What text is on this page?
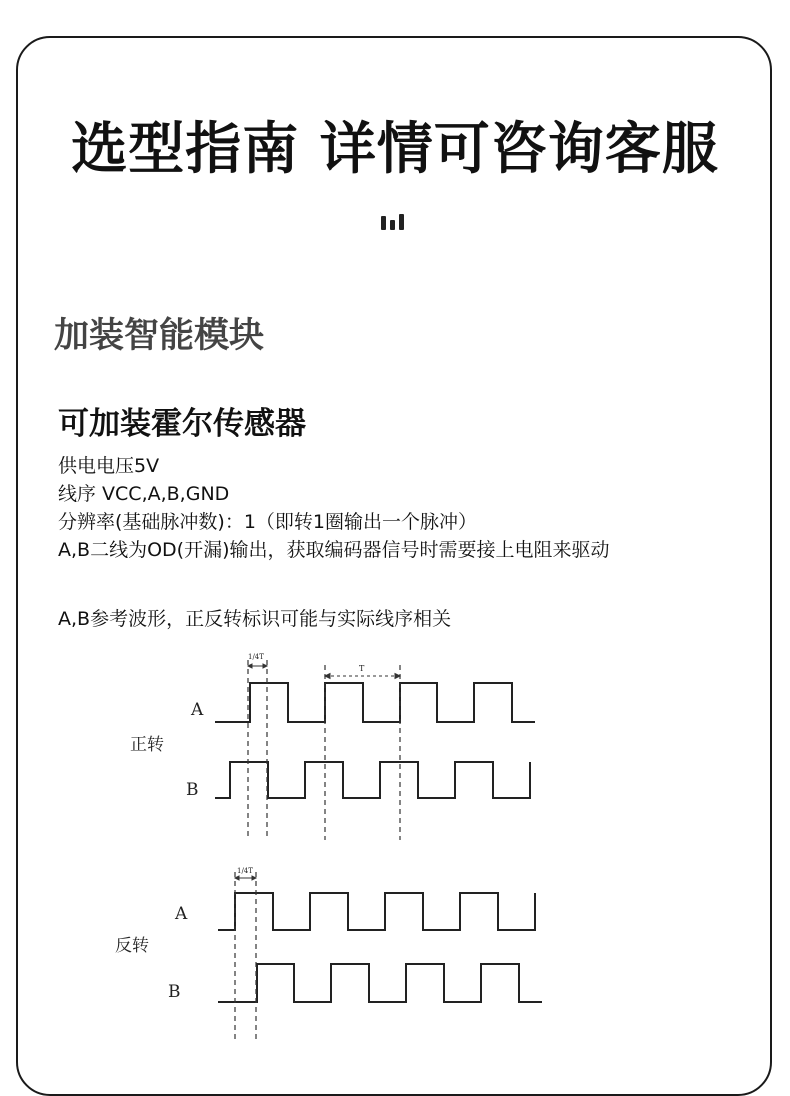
选型指南 详情可咨询客服
加装智能模块
可加装霍尔传感器
供电电压5V
线序 VCC,A,B,GND
分辨率(基础脉冲数)：1（即转1圈输出一个脉冲）
A,B二线为OD(开漏)输出，获取编码器信号时需要接上电阻来驱动
A,B参考波形，正反转标识可能与实际线序相关
1/4T
T
1/4T
A
正转
B
A
反转
B
